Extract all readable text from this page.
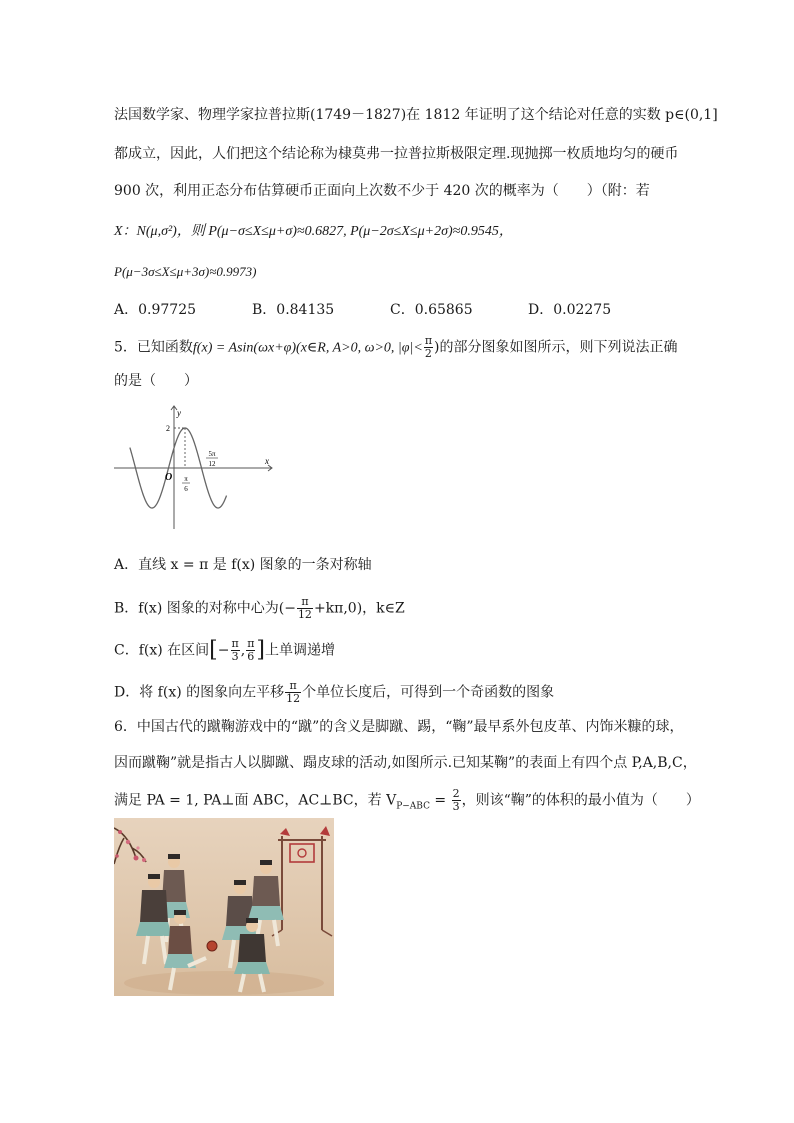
法国数学家、物理学家拉普拉斯(1749－1827)在 1812 年证明了这个结论对任意的实数 p∈(0,1]
都成立，因此，人们把这个结论称为棣莫弗一拉普拉斯极限定理.现抛掷一枚质地均匀的硬币
900 次，利用正态分布估算硬币正面向上次数不少于 420 次的概率为（　　）（附：若
X：N(μ,σ²)，则 P(μ−σ≤X≤μ+σ)≈0.6827, P(μ−2σ≤X≤μ+2σ)≈0.9545，
P(μ−3σ≤X≤μ+3σ)≈0.9973)
A．0.97725	B．0.84135	C．0.65865	D．0.02275
5．已知函数f(x) = Asin(ωx+φ)(x∈R, A>0, ω>0, $|\varphi|< \frac{\pi}{2}$ )的部分图象如图所示，则下列说法正确
的是（　　）
y
x
O
2
π
6
5π
12
A．直线 x = π 是 f(x) 图象的一条对称轴
B．f(x) 图象的对称中心为(− $\frac{\pi}{12} +k\pi,0$)，k∈Z
C．f(x) 在区间[− $\frac{\pi}{3}$ , $\frac{\pi}{6}$ ]上单调递增
D．将 f(x) 的图象向左平移 $\frac{\pi}{12}$ 个单位长度后，可得到一个奇函数的图象
6．中国古代的蹴鞠游戏中的“蹴”的含义是脚蹴、踢，“鞠”最早系外包皮革、内饰米糠的球，
因而蹴鞠”就是指古人以脚蹴、蹋皮球的活动,如图所示.已知某鞠”的表面上有四个点 P,A,B,C，
满足 PA = 1, PA⊥面 ABC，AC⊥BC，若 $V_{P-ABC} = \frac{2}{3}$ ，则该“鞠”的体积的最小值为（　　）
